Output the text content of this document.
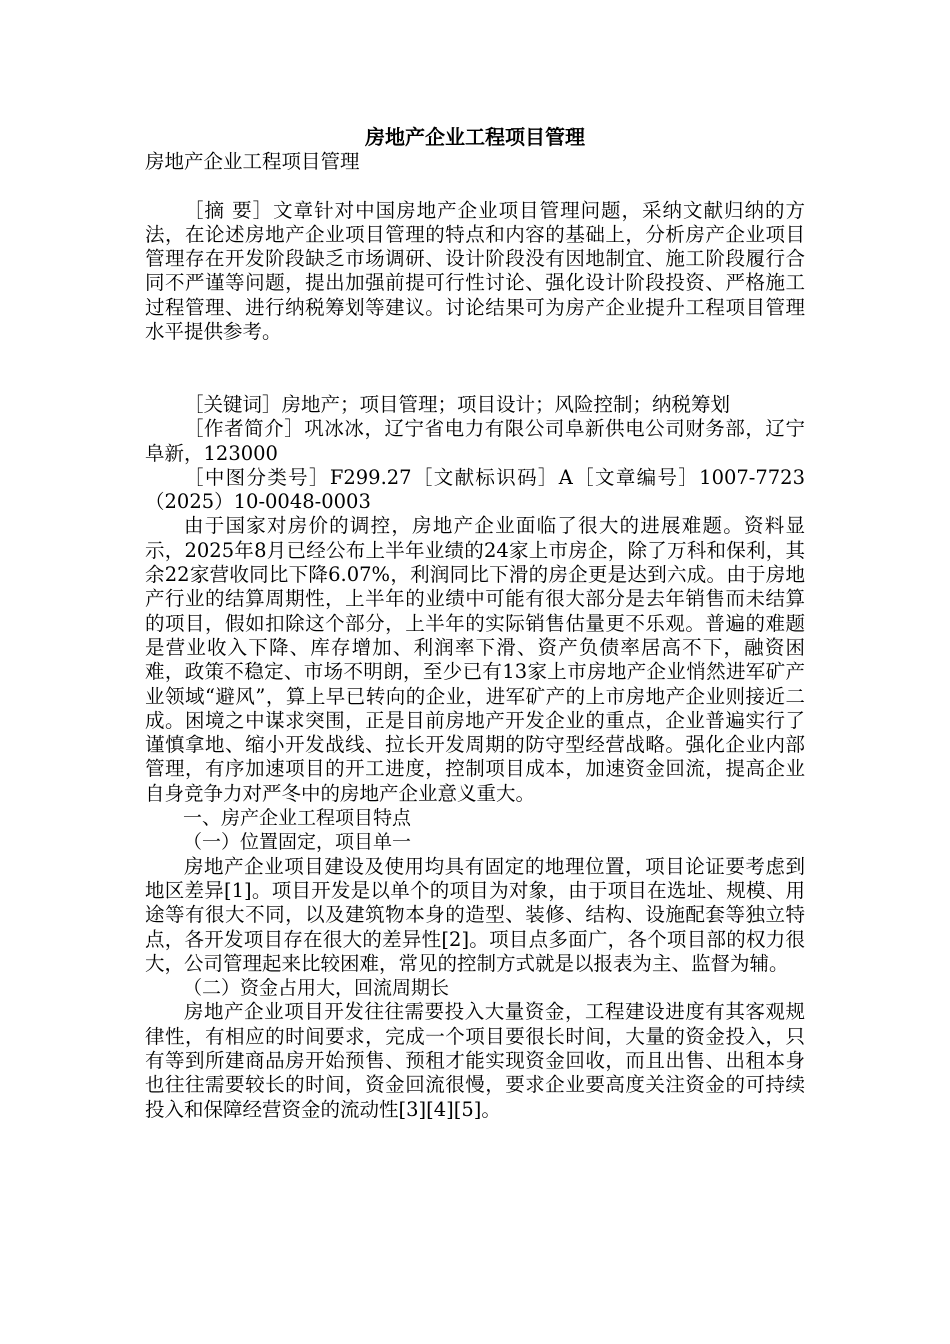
房地产企业工程项目管理

房地产企业工程项目管理

［摘 要］文章针对中国房地产企业项目管理问题，采纳文献归纳的方法，在论述房地产企业项目管理的特点和内容的基础上，分析房产企业项目管理存在开发阶段缺乏市场调研、设计阶段没有因地制宜、施工阶段履行合同不严谨等问题，提出加强前提可行性讨论、强化设计阶段投资、严格施工过程管理、进行纳税筹划等建议。讨论结果可为房产企业提升工程项目管理水平提供参考。

［关键词］房地产；项目管理；项目设计；风险控制；纳税筹划

［作者简介］巩冰冰，辽宁省电力有限公司阜新供电公司财务部，辽宁 阜新，123000

［中图分类号］F299.27［文献标识码］A［文章编号］1007-7723（2025）10-0048-0003

由于国家对房价的调控，房地产企业面临了很大的进展难题。资料显示，2025年8月已经公布上半年业绩的24家上市房企，除了万科和保利，其余22家营收同比下降6.07%，利润同比下滑的房企更是达到六成。由于房地产行业的结算周期性，上半年的业绩中可能有很大部分是去年销售而未结算的项目，假如扣除这个部分，上半年的实际销售估量更不乐观。普遍的难题是营业收入下降、库存增加、利润率下滑、资产负债率居高不下，融资困难，政策不稳定、市场不明朗，至少已有13家上市房地产企业悄然进军矿产业领域“避风”，算上早已转向的企业，进军矿产的上市房地产企业则接近二成。困境之中谋求突围，正是目前房地产开发企业的重点，企业普遍实行了谨慎拿地、缩小开发战线、拉长开发周期的防守型经营战略。强化企业内部管理，有序加速项目的开工进度，控制项目成本，加速资金回流，提高企业自身竞争力对严冬中的房地产企业意义重大。

一、房产企业工程项目特点

（一）位置固定，项目单一

房地产企业项目建设及使用均具有固定的地理位置，项目论证要考虑到地区差异[1]。项目开发是以单个的项目为对象，由于项目在选址、规模、用途等有很大不同，以及建筑物本身的造型、装修、结构、设施配套等独立特点，各开发项目存在很大的差异性[2]。项目点多面广，各个项目部的权力很大，公司管理起来比较困难，常见的控制方式就是以报表为主、监督为辅。

（二）资金占用大，回流周期长

房地产企业项目开发往往需要投入大量资金，工程建设进度有其客观规律性，有相应的时间要求，完成一个项目要很长时间，大量的资金投入，只有等到所建商品房开始预售、预租才能实现资金回收，而且出售、出租本身也往往需要较长的时间，资金回流很慢，要求企业要高度关注资金的可持续投入和保障经营资金的流动性[3][4][5]。
